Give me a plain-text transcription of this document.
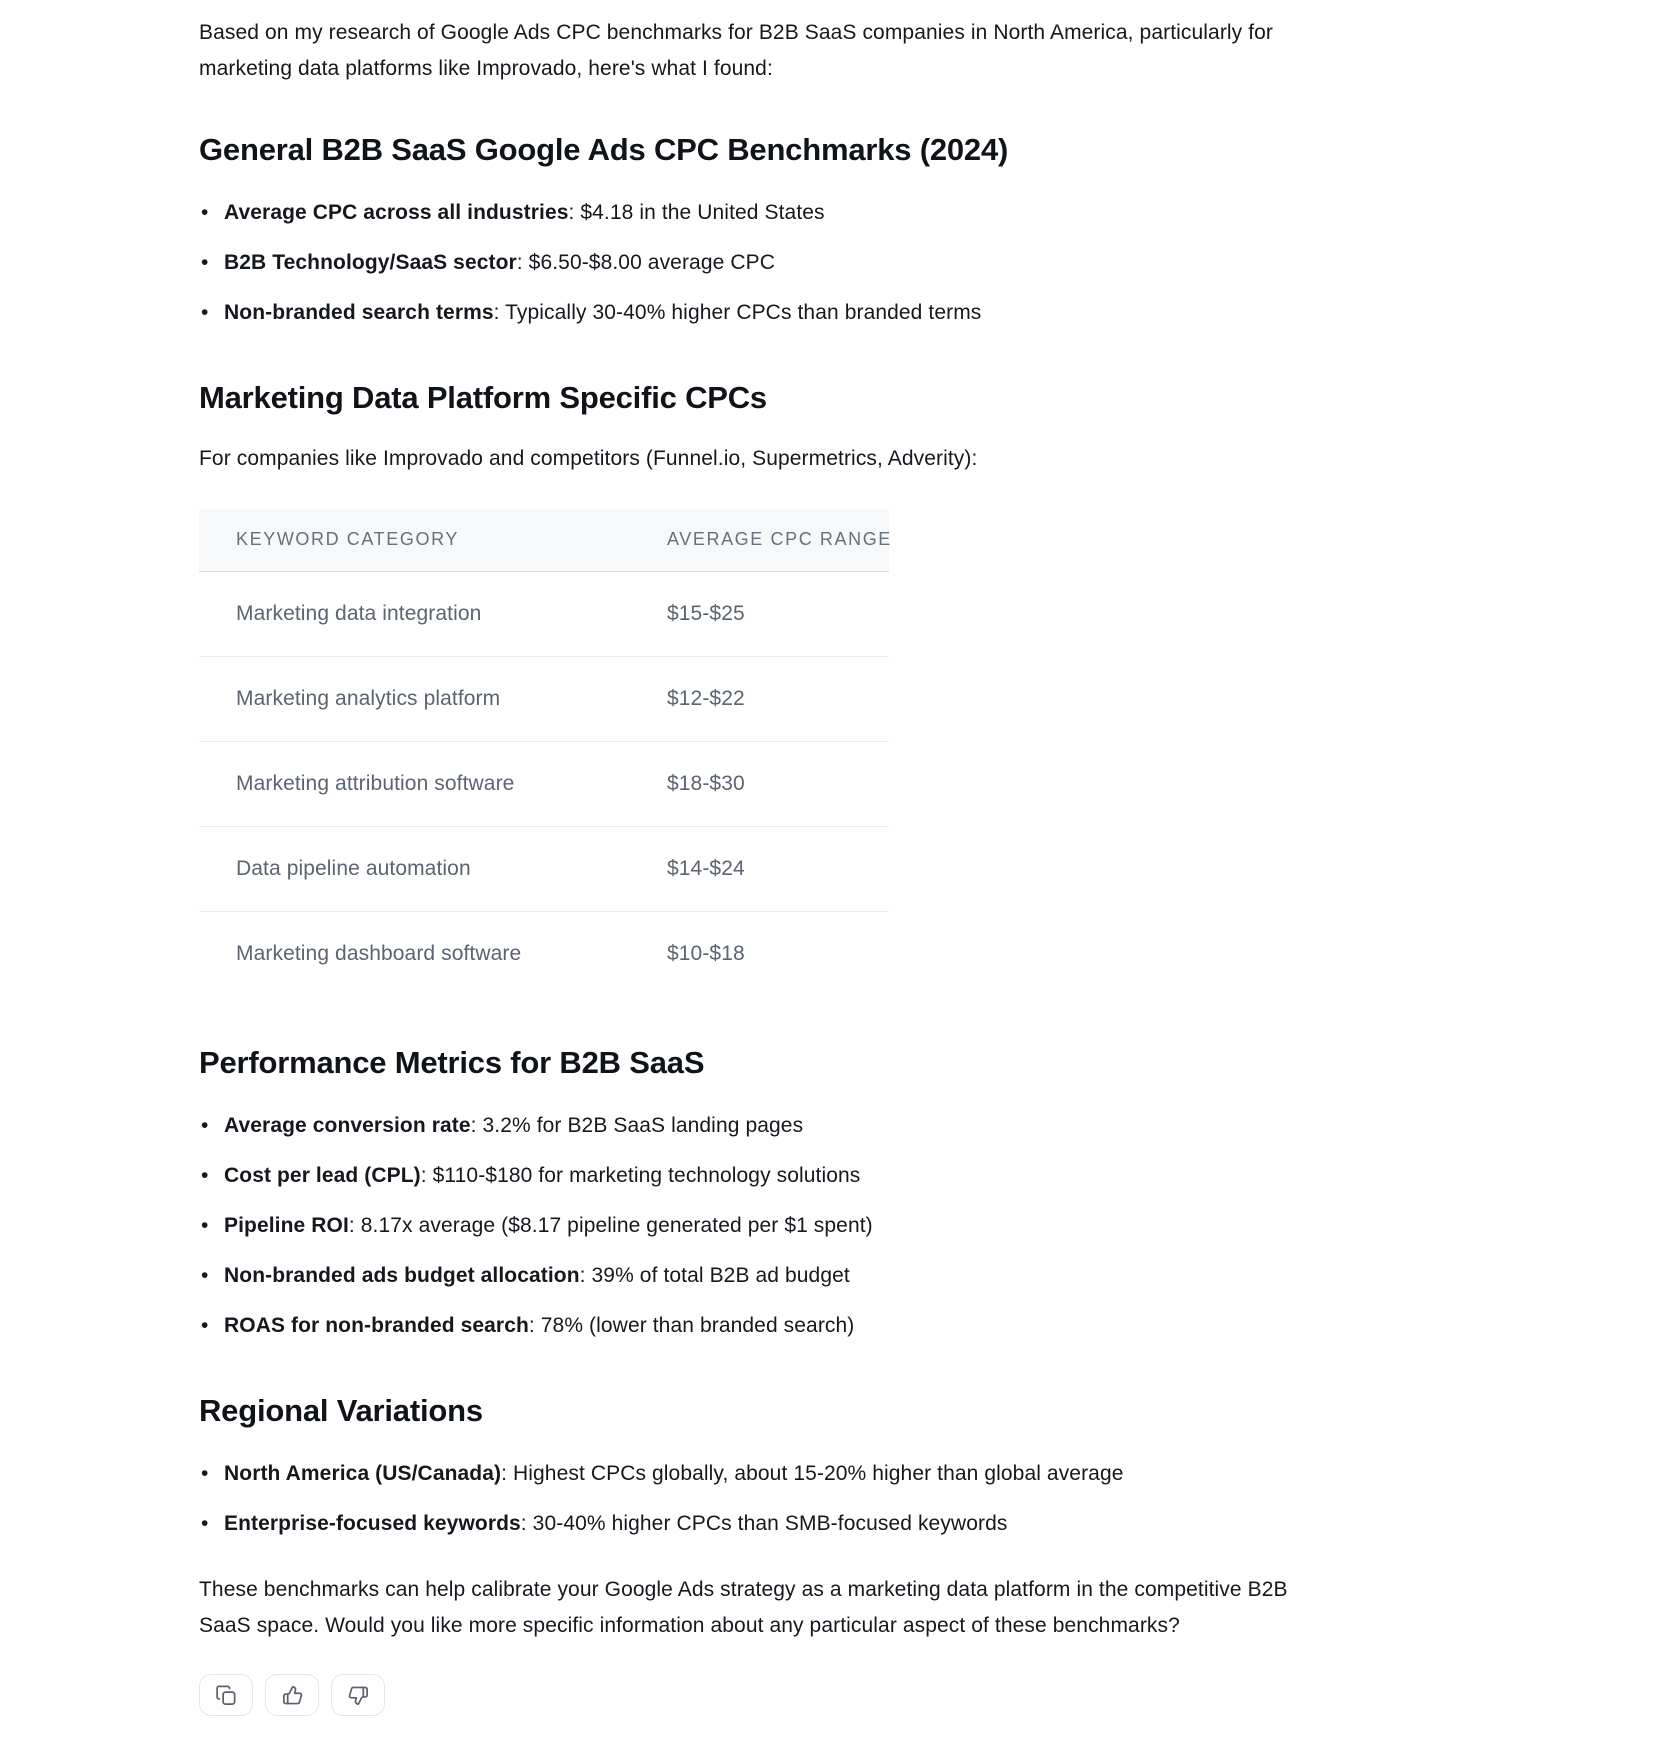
Based on my research of Google Ads CPC benchmarks for B2B SaaS companies in North America, particularly for marketing data platforms like Improvado, here's what I found:

General B2B SaaS Google Ads CPC Benchmarks (2024)
• Average CPC across all industries: $4.18 in the United States
• B2B Technology/SaaS sector: $6.50-$8.00 average CPC
• Non-branded search terms: Typically 30-40% higher CPCs than branded terms
Marketing Data Platform Specific CPCs

For companies like Improvado and competitors (Funnel.io, Supermetrics, Adverity):

KEYWORD CATEGORY	AVERAGE CPC RANGE
Marketing data integration	$15-$25
Marketing analytics platform	$12-$22
Marketing attribution software	$18-$30
Data pipeline automation	$14-$24
Marketing dashboard software	$10-$18
Performance Metrics for B2B SaaS
• Average conversion rate: 3.2% for B2B SaaS landing pages
• Cost per lead (CPL): $110-$180 for marketing technology solutions
• Pipeline ROI: 8.17x average ($8.17 pipeline generated per $1 spent)
• Non-branded ads budget allocation: 39% of total B2B ad budget
• ROAS for non-branded search: 78% (lower than branded search)
Regional Variations
• North America (US/Canada): Highest CPCs globally, about 15-20% higher than global average
• Enterprise-focused keywords: 30-40% higher CPCs than SMB-focused keywords

These benchmarks can help calibrate your Google Ads strategy as a marketing data platform in the competitive B2B SaaS space. Would you like more specific information about any particular aspect of these benchmarks?
